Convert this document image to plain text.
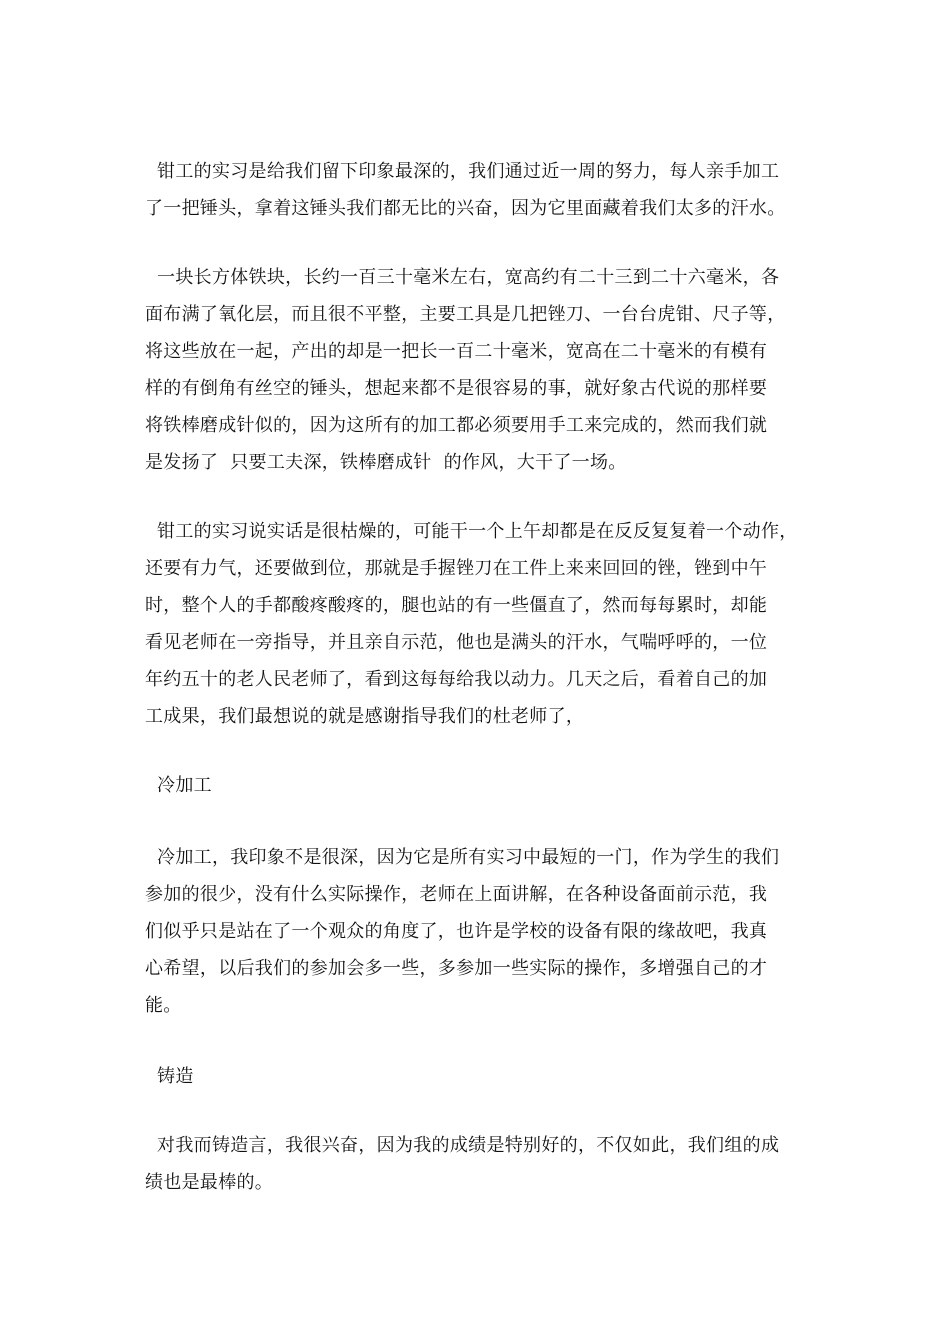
钳工的实习是给我们留下印象最深的，我们通过近一周的努力，每人亲手加工
了一把锤头，拿着这锤头我们都无比的兴奋，因为它里面藏着我们太多的汗水。
一块长方体铁块，长约一百三十毫米左右，宽高约有二十三到二十六毫米，各
面布满了氧化层，而且很不平整，主要工具是几把锉刀、一台台虎钳、尺子等，
将这些放在一起，产出的却是一把长一百二十毫米，宽高在二十毫米的有模有
样的有倒角有丝空的锤头，想起来都不是很容易的事，就好象古代说的那样要
将铁棒磨成针似的，因为这所有的加工都必须要用手工来完成的，然而我们就
是发扬了  只要工夫深，铁棒磨成针  的作风，大干了一场。
钳工的实习说实话是很枯燥的，可能干一个上午却都是在反反复复着一个动作，
还要有力气，还要做到位，那就是手握锉刀在工件上来来回回的锉，锉到中午
时，整个人的手都酸疼酸疼的，腿也站的有一些僵直了，然而每每累时，却能
看见老师在一旁指导，并且亲自示范，他也是满头的汗水，气喘呼呼的，一位
年约五十的老人民老师了，看到这每每给我以动力。几天之后，看着自己的加
工成果，我们最想说的就是感谢指导我们的杜老师了，
冷加工
冷加工，我印象不是很深，因为它是所有实习中最短的一门，作为学生的我们
参加的很少，没有什么实际操作，老师在上面讲解，在各种设备面前示范，我
们似乎只是站在了一个观众的角度了，也许是学校的设备有限的缘故吧，我真
心希望，以后我们的参加会多一些，多参加一些实际的操作，多增强自己的才
能。
铸造
对我而铸造言，我很兴奋，因为我的成绩是特别好的，不仅如此，我们组的成
绩也是最棒的。
